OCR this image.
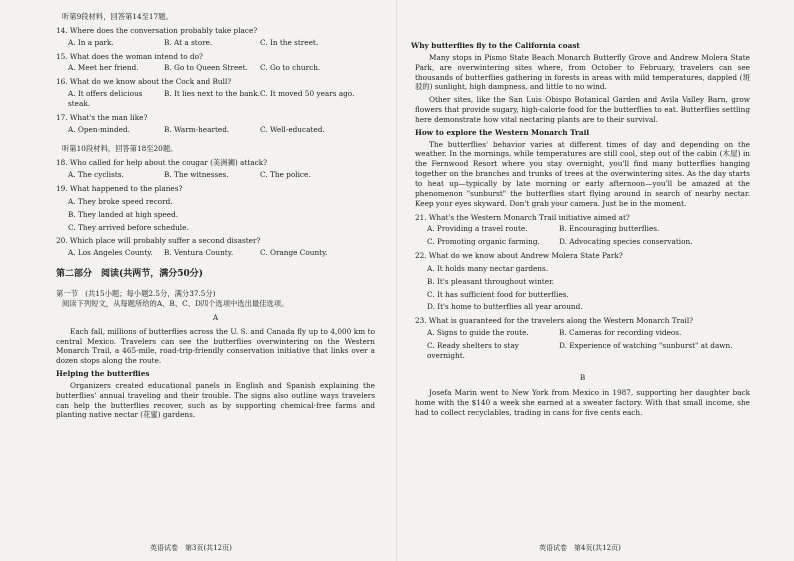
听第9段材料，回答第14至17题。

14. Where does the conversation probably take place?

A. In a park.	B. At a store.	C. In the street.

15. What does the woman intend to do?

A. Meet her friend.	B. Go to Queen Street.	C. Go to church.

16. What do we know about the Cock and Bull?

A. It offers delicious steak.
B. It lies next to the bank. C. It moved 50 years ago.

17. What's the man like?

A. Open-minded.	B. Warm-hearted.	C. Well-educated.

听第10段材料，回答第18至20题。

18. Who called for help about the cougar (美洲狮) attack?

A. The cyclists.	B. The witnesses.	C. The police.

19. What happened to the planes?

A. They broke speed record.
B. They landed at high speed.
C. They arrived before schedule.

20. Which place will probably suffer a second disaster?

A. Los Angeles County.	B. Ventura County.	C. Orange County.

第二部分　阅读(共两节，满分50分)

第一节　(共15小题；每小题2.5分，满分37.5分)

阅读下列短文，从每题所给的A、B、C、D四个选项中选出最佳选项。

A

Each fall, millions of butterflies across the U. S. and Canada fly up to 4,000 km to central Mexico. Travelers can see the butterflies overwintering on the Western Monarch Trail, a 465-mile, road-trip-friendly conservation initiative that links over a dozen stops along the route.

Helping the butterflies

Organizers created educational panels in English and Spanish explaining the butterflies' annual traveling and their trouble. The signs also outline ways travelers can help the butterflies recover, such as by supporting chemical-free farms and planting native nectar (花蜜) gardens.

英语试卷　第3页(共12页)

Why butterflies fly to the California coast

Many stops in Pismo State Beach Monarch Butterfly Grove and Andrew Molera State Park, are overwintering sites where, from October to February, travelers can see thousands of butterflies gathering in forests in areas with mild temperatures, dappled (斑驳的) sunlight, high dampness, and little to no wind.

Other sites, like the San Luis Obispo Botanical Garden and Avila Valley Barn, grow flowers that provide sugary, high-calorie food for the butterflies to eat. Butterflies settling here demonstrate how vital nectaring plants are to their survival.

How to explore the Western Monarch Trail

The butterflies' behavior varies at different times of day and depending on the weather. In the mornings, while temperatures are still cool, step out of the cabin (木屋) in the Fernwood Resort where you stay overnight, you'll find many butterflies hanging together on the branches and trunks of trees at the overwintering sites. As the day starts to heat up—typically by late morning or early afternoon—you'll be amazed at the phenomenon "sunburst" the butterflies start flying around in search of nearby nectar. Keep your eyes skyward. Don't grab your camera. Just be in the moment.

21. What's the Western Monarch Trail initiative aimed at?

A. Providing a travel route.	B. Encouraging butterflies.
C. Promoting organic farming.	D. Advocating species conservation.

22. What do we know about Andrew Molera State Park?

A. It holds many nectar gardens.
B. It's pleasant throughout winter.
C. It has sufficient food for butterflies.
D. It's home to butterflies all year around.

23. What is guaranteed for the travelers along the Western Monarch Trail?

A. Signs to guide the route.	B. Cameras for recording videos.
C. Ready shelters to stay overnight.
D. Experience of watching "sunburst" at dawn.

B

Josefa Marin went to New York from Mexico in 1987, supporting her daughter back home with the $140 a week she earned at a sweater factory. With that small income, she had to collect recyclables, trading in cans for five cents each.

英语试卷　第4页(共12页)
